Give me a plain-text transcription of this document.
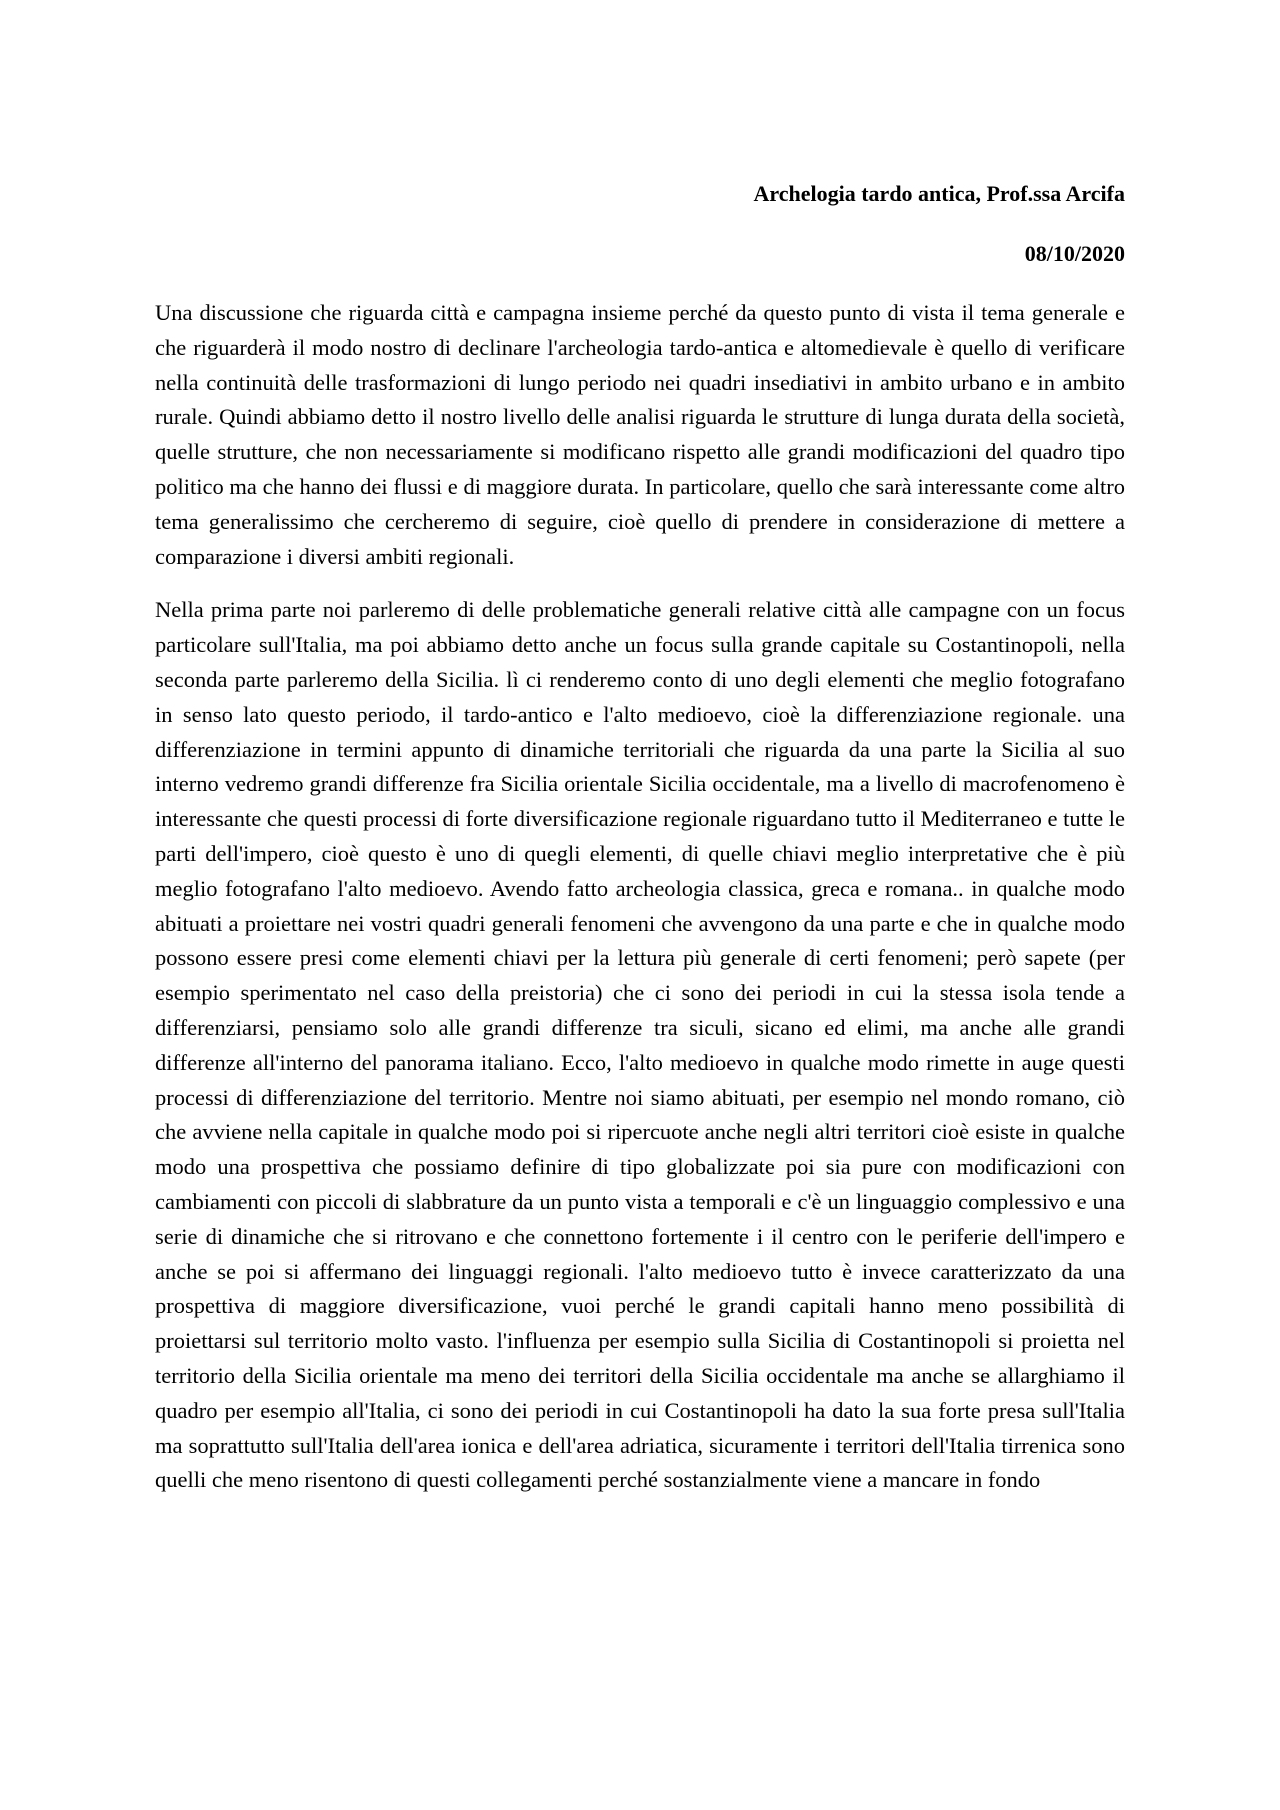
Archelogia tardo antica, Prof.ssa Arcifa
08/10/2020

Una discussione che riguarda città e campagna insieme perché da questo punto di vista il tema generale e che riguarderà il modo nostro di declinare l'archeologia tardo-antica e altomedievale è quello di verificare nella continuità delle trasformazioni di lungo periodo nei quadri insediativi in ambito urbano e in ambito rurale. Quindi abbiamo detto il nostro livello delle analisi riguarda le strutture di lunga durata della società, quelle strutture, che non necessariamente si modificano rispetto alle grandi modificazioni del quadro tipo politico ma che hanno dei flussi e di maggiore durata. In particolare, quello che sarà interessante come altro tema generalissimo che cercheremo di seguire, cioè quello di prendere in considerazione di mettere a comparazione i diversi ambiti regionali.

Nella prima parte noi parleremo di delle problematiche generali relative città alle campagne con un focus particolare sull'Italia, ma poi abbiamo detto anche un focus sulla grande capitale su Costantinopoli, nella seconda parte parleremo della Sicilia. lì ci renderemo conto di uno degli elementi che meglio fotografano in senso lato questo periodo, il tardo-antico e l'alto medioevo, cioè la differenziazione regionale. una differenziazione in termini appunto di dinamiche territoriali che riguarda da una parte la Sicilia al suo interno vedremo grandi differenze fra Sicilia orientale Sicilia occidentale, ma a livello di macrofenomeno è interessante che questi processi di forte diversificazione regionale riguardano tutto il Mediterraneo e tutte le parti dell'impero, cioè questo è uno di quegli elementi, di quelle chiavi meglio interpretative che è più meglio fotografano l'alto medioevo. Avendo fatto archeologia classica, greca e romana.. in qualche modo abituati a proiettare nei vostri quadri generali fenomeni che avvengono da una parte e che in qualche modo possono essere presi come elementi chiavi per la lettura più generale di certi fenomeni; però sapete (per esempio sperimentato nel caso della preistoria) che ci sono dei periodi in cui la stessa isola tende a differenziarsi, pensiamo solo alle grandi differenze tra siculi, sicano ed elimi, ma anche alle grandi differenze all'interno del panorama italiano. Ecco, l'alto medioevo in qualche modo rimette in auge questi processi di differenziazione del territorio. Mentre noi siamo abituati, per esempio nel mondo romano, ciò che avviene nella capitale in qualche modo poi si ripercuote anche negli altri territori cioè esiste in qualche modo una prospettiva che possiamo definire di tipo globalizzate poi sia pure con modificazioni con cambiamenti con piccoli di slabbrature da un punto vista a temporali e c'è un linguaggio complessivo e una serie di dinamiche che si ritrovano e che connettono fortemente i il centro con le periferie dell'impero e anche se poi si affermano dei linguaggi regionali. l'alto medioevo tutto è invece caratterizzato da una prospettiva di maggiore diversificazione, vuoi perché le grandi capitali hanno meno possibilità di proiettarsi sul territorio molto vasto. l'influenza per esempio sulla Sicilia di Costantinopoli si proietta nel territorio della Sicilia orientale ma meno dei territori della Sicilia occidentale ma anche se allarghiamo il quadro per esempio all'Italia, ci sono dei periodi in cui Costantinopoli ha dato la sua forte presa sull'Italia ma soprattutto sull'Italia dell'area ionica e dell'area adriatica, sicuramente i territori dell'Italia tirrenica sono quelli che meno risentono di questi collegamenti perché sostanzialmente viene a mancare in fondo
